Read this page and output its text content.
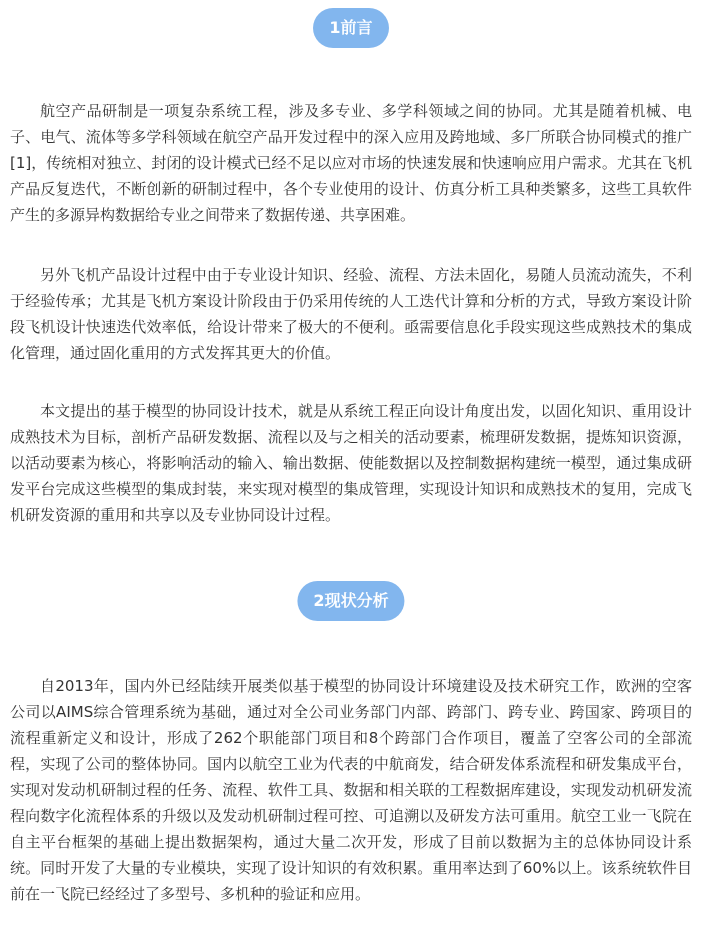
1前言

航空产品研制是一项复杂系统工程，涉及多专业、多学科领域之间的协同。尤其是随着机械、电子、电气、流体等多学科领域在航空产品开发过程中的深入应用及跨地域、多厂所联合协同模式的推广[1]，传统相对独立、封闭的设计模式已经不足以应对市场的快速发展和快速响应用户需求。尤其在飞机产品反复迭代，不断创新的研制过程中，各个专业使用的设计、仿真分析工具种类繁多，这些工具软件产生的多源异构数据给专业之间带来了数据传递、共享困难。

另外飞机产品设计过程中由于专业设计知识、经验、流程、方法未固化，易随人员流动流失，不利于经验传承；尤其是飞机方案设计阶段由于仍采用传统的人工迭代计算和分析的方式，导致方案设计阶段飞机设计快速迭代效率低，给设计带来了极大的不便利。亟需要信息化手段实现这些成熟技术的集成化管理，通过固化重用的方式发挥其更大的价值。

本文提出的基于模型的协同设计技术，就是从系统工程正向设计角度出发，以固化知识、重用设计成熟技术为目标，剖析产品研发数据、流程以及与之相关的活动要素，梳理研发数据，提炼知识资源，以活动要素为核心，将影响活动的输入、输出数据、使能数据以及控制数据构建统一模型，通过集成研发平台完成这些模型的集成封装，来实现对模型的集成管理，实现设计知识和成熟技术的复用，完成飞机研发资源的重用和共享以及专业协同设计过程。

2现状分析

自2013年，国内外已经陆续开展类似基于模型的协同设计环境建设及技术研究工作，欧洲的空客公司以AIMS综合管理系统为基础，通过对全公司业务部门内部、跨部门、跨专业、跨国家、跨项目的流程重新定义和设计，形成了262个职能部门项目和8个跨部门合作项目，覆盖了空客公司的全部流程，实现了公司的整体协同。国内以航空工业为代表的中航商发，结合研发体系流程和研发集成平台，实现对发动机研制过程的任务、流程、软件工具、数据和相关联的工程数据库建设，实现发动机研发流程向数字化流程体系的升级以及发动机研制过程可控、可追溯以及研发方法可重用。航空工业一飞院在自主平台框架的基础上提出数据架构，通过大量二次开发，形成了目前以数据为主的总体协同设计系统。同时开发了大量的专业模块，实现了设计知识的有效积累。重用率达到了60%以上。该系统软件目前在一飞院已经经过了多型号、多机种的验证和应用。
